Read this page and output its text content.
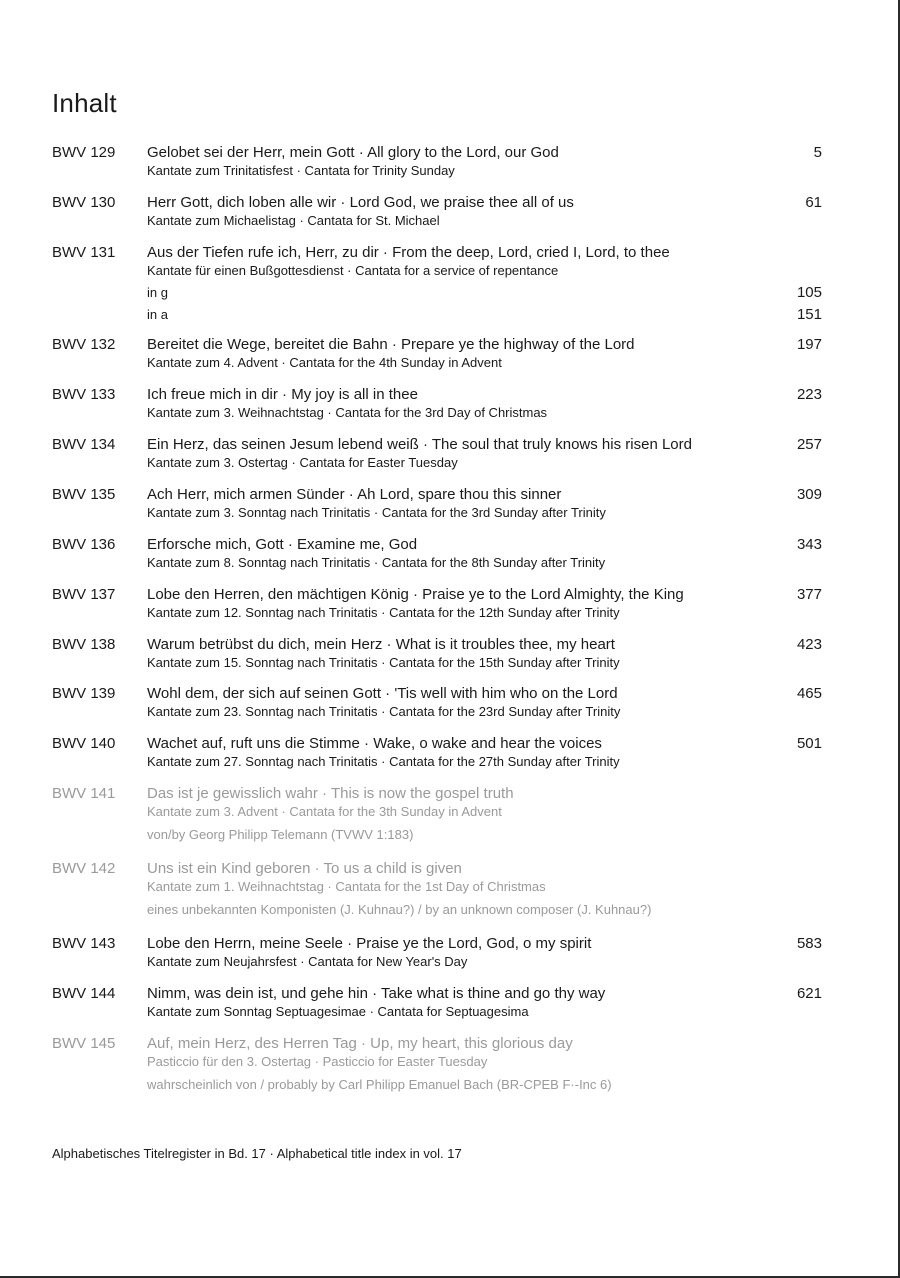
Inhalt
BWV 129 Gelobet sei der Herr, mein Gott · All glory to the Lord, our God
Kantate zum Trinitatisfest · Cantata for Trinity Sunday
5
BWV 130 Herr Gott, dich loben alle wir · Lord God, we praise thee all of us
Kantate zum Michaelistag · Cantata for St. Michael
61
BWV 131 Aus der Tiefen rufe ich, Herr, zu dir · From the deep, Lord, cried I, Lord, to thee
Kantate für einen Bußgottesdienst · Cantata for a service of repentance
in g	105
in a	151
BWV 132 Bereitet die Wege, bereitet die Bahn · Prepare ye the highway of the Lord
Kantate zum 4. Advent · Cantata for the 4th Sunday in Advent
197
BWV 133 Ich freue mich in dir · My joy is all in thee
Kantate zum 3. Weihnachtstag · Cantata for the 3rd Day of Christmas
223
BWV 134 Ein Herz, das seinen Jesum lebend weiß · The soul that truly knows his risen Lord
Kantate zum 3. Ostertag · Cantata for Easter Tuesday
257
BWV 135 Ach Herr, mich armen Sünder · Ah Lord, spare thou this sinner
Kantate zum 3. Sonntag nach Trinitatis · Cantata for the 3rd Sunday after Trinity
309
BWV 136 Erforsche mich, Gott · Examine me, God
Kantate zum 8. Sonntag nach Trinitatis · Cantata for the 8th Sunday after Trinity
343
BWV 137 Lobe den Herren, den mächtigen König · Praise ye to the Lord Almighty, the King
Kantate zum 12. Sonntag nach Trinitatis · Cantata for the 12th Sunday after Trinity
377
BWV 138 Warum betrübst du dich, mein Herz · What is it troubles thee, my heart
Kantate zum 15. Sonntag nach Trinitatis · Cantata for the 15th Sunday after Trinity
423
BWV 139 Wohl dem, der sich auf seinen Gott · 'Tis well with him who on the Lord
Kantate zum 23. Sonntag nach Trinitatis · Cantata for the 23rd Sunday after Trinity
465
BWV 140 Wachet auf, ruft uns die Stimme · Wake, o wake and hear the voices
Kantate zum 27. Sonntag nach Trinitatis · Cantata for the 27th Sunday after Trinity
501
BWV 141 Das ist je gewisslich wahr · This is now the gospel truth
Kantate zum 3. Advent · Cantata for the 3th Sunday in Advent
von/by Georg Philipp Telemann (TVWV 1:183)
BWV 142 Uns ist ein Kind geboren · To us a child is given
Kantate zum 1. Weihnachtstag · Cantata for the 1st Day of Christmas
eines unbekannten Komponisten (J. Kuhnau?) / by an unknown composer (J. Kuhnau?)
BWV 143 Lobe den Herrn, meine Seele · Praise ye the Lord, God, o my spirit
Kantate zum Neujahrsfest · Cantata for New Year's Day
583
BWV 144 Nimm, was dein ist, und gehe hin · Take what is thine and go thy way
Kantate zum Sonntag Septuagesimae · Cantata for Septuagesima
621
BWV 145 Auf, mein Herz, des Herren Tag · Up, my heart, this glorious day
Pasticcio für den 3. Ostertag · Pasticcio for Easter Tuesday
wahrscheinlich von / probably by Carl Philipp Emanuel Bach (BR-CPEB F·-Inc 6)
Alphabetisches Titelregister in Bd. 17 · Alphabetical title index in vol. 17
